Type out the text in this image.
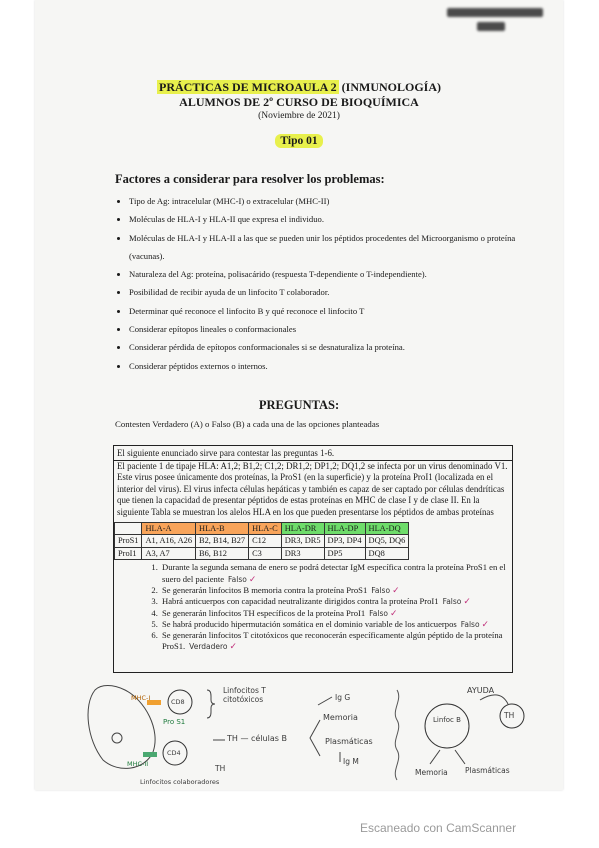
PRÁCTICAS DE MICROAULA 2 (INMUNOLOGÍA)
ALUMNOS DE 2º CURSO DE BIOQUÍMICA
(Noviembre de 2021)
Tipo 01
Factores a considerar para resolver los problemas:
• Tipo de Ag: intracelular (MHC-I) o extracelular (MHC-II)
• Moléculas de HLA-I y HLA-II que expresa el individuo.
• Moléculas de HLA-I y HLA-II a las que se pueden unir los péptidos procedentes del Microorganismo o proteína (vacunas).
• Naturaleza del Ag: proteína, polisacárido (respuesta T-dependiente o T-independiente).
• Posibilidad de recibir ayuda de un linfocito T colaborador.
• Determinar qué reconoce el linfocito B y qué reconoce el linfocito T
• Considerar epítopos lineales o conformacionales
• Considerar pérdida de epítopos conformacionales si se desnaturaliza la proteína.
• Considerar péptidos externos o internos.
PREGUNTAS:
Contesten Verdadero (A) o Falso (B) a cada una de las opciones planteadas
El siguiente enunciado sirve para contestar las preguntas 1-6.
El paciente 1 de tipaje HLA: A1,2; B1,2; C1,2; DR1,2; DP1,2; DQ1,2 se infecta por un virus denominado V1. Este virus posee únicamente dos proteínas, la ProS1 (en la superficie) y la proteína ProI1 (localizada en el interior del virus). El virus infecta células hepáticas y también es capaz de ser captado por células dendríticas que tienen la capacidad de presentar péptidos de estas proteínas en MHC de clase I y de clase II. En la siguiente Tabla se muestran los alelos HLA en los que pueden presentarse los péptidos de ambas proteínas
	HLA-A	HLA-B	HLA-C	HLA-DR	HLA-DP	HLA-DQ
ProS1	A1, A16, A26	B2, B14, B27	C12	DR3, DR5	DP3, DP4	DQ5, DQ6
ProI1	A3, A7	B6, B12	C3	DR3	DP5	DQ8
1. Durante la segunda semana de enero se podrá detectar IgM específica contra la proteína ProS1 en el suero del paciente Falso ✓
2. Se generarán linfocitos B memoria contra la proteína ProS1 Falso ✓
3. Habrá anticuerpos con capacidad neutralizante dirigidos contra la proteína ProI1 Falso ✓
4. Se generarán linfocitos TH específicos de la proteína ProI1 Falso ✓
5. Se habrá producido hipermutación somática en el dominio variable de los anticuerpos Falso ✓
6. Se generarán linfocitos T citotóxicos que reconocerán específicamente algún péptido de la proteína ProS1. Verdadero ✓
Linfocitos T citotóxicos
MHC-I	CD8
Pro S1
CD4
MHC-II
TH — células B
TH
Linfocitos colaboradores
Ig G
Memoria
Plasmáticas
Ig M
AYUDA
Linfoc B	TH
Memoria Plasmáticas
Escaneado con CamScanner
